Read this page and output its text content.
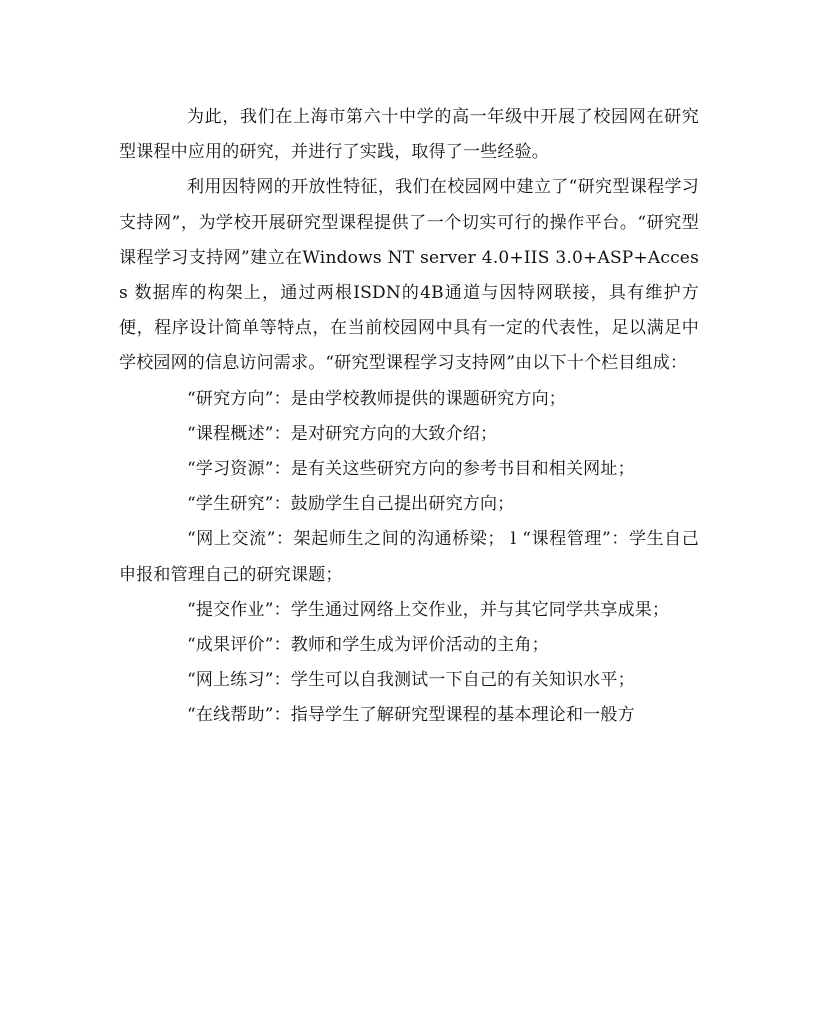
为此，我们在上海市第六十中学的高一年级中开展了校园网在研究型课程中应用的研究，并进行了实践，取得了一些经验。

利用因特网的开放性特征，我们在校园网中建立了“研究型课程学习支持网”，为学校开展研究型课程提供了一个切实可行的操作平台。“研究型课程学习支持网”建立在Windows NT server 4.0+IIS 3.0+ASP+Access 数据库的构架上，通过两根ISDN的4B通道与因特网联接，具有维护方便，程序设计简单等特点，在当前校园网中具有一定的代表性，足以满足中学校园网的信息访问需求。“研究型课程学习支持网”由以下十个栏目组成：

“研究方向”：是由学校教师提供的课题研究方向；

“课程概述”：是对研究方向的大致介绍；

“学习资源”：是有关这些研究方向的参考书目和相关网址；

“学生研究”：鼓励学生自己提出研究方向；

“网上交流”：架起师生之间的沟通桥梁； l “课程管理”：学生自己申报和管理自己的研究课题；

“提交作业”：学生通过网络上交作业，并与其它同学共享成果；

“成果评价”：教师和学生成为评价活动的主角；

“网上练习”：学生可以自我测试一下自己的有关知识水平；

“在线帮助”：指导学生了解研究型课程的基本理论和一般方
